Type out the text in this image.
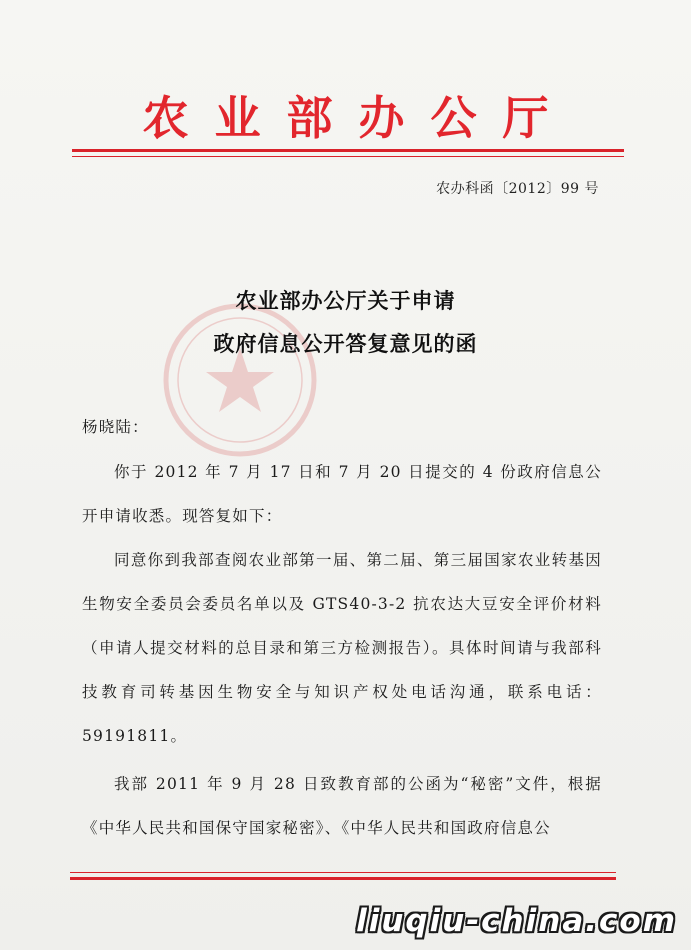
农业部办公厅
农办科函〔2012〕99 号
农业部办公厅关于申请
政府信息公开答复意见的函
杨晓陆：
你于 2012 年 7 月 17 日和 7 月 20 日提交的 4 份政府信息公开申请收悉。现答复如下：
同意你到我部查阅农业部第一届、第二届、第三届国家农业转基因生物安全委员会委员名单以及 GTS40-3-2 抗农达大豆安全评价材料（申请人提交材料的总目录和第三方检测报告）。具体时间请与我部科技教育司转基因生物安全与知识产权处电话沟通，联系电话：59191811。
我部 2011 年 9 月 28 日致教育部的公函为“秘密”文件，根据《中华人民共和国保守国家秘密》、《中华人民共和国政府信息公
liuqiu-china.com
